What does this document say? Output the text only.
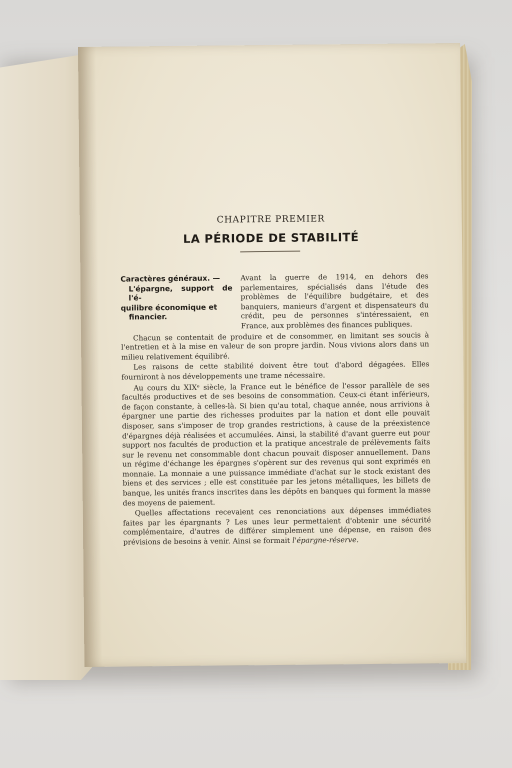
CHAPITRE PREMIER
LA PÉRIODE DE STABILITÉ
Caractères généraux. —
L'épargne, support de l'é-
quilibre économique et
financier.

Avant la guerre de 1914, en dehors des parlementaires, spécialisés dans l'étude des problèmes de l'équilibre budgétaire, et des banquiers, manieurs d'argent et dispensateurs du crédit, peu de personnes s'intéressaient, en France, aux problèmes des finances publiques.

Chacun se contentait de produire et de consommer, en limitant ses soucis à l'entretien et à la mise en valeur de son propre jardin. Nous vivions alors dans un milieu relativement équilibré.

Les raisons de cette stabilité doivent être tout d'abord dégagées. Elles fourniront à nos développements une trame nécessaire.

Au cours du XIXᵉ siècle, la France eut le bénéfice de l'essor parallèle de ses facultés productives et de ses besoins de consommation. Ceux-ci étant inférieurs, de façon constante, à celles-là. Si bien qu'au total, chaque année, nous arrivions à épargner une partie des richesses produites par la nation et dont elle pouvait disposer, sans s'imposer de trop grandes restrictions, à cause de la préexistence d'épargnes déjà réalisées et accumulées. Ainsi, la stabilité d'avant guerre eut pour support nos facultés de production et la pratique ancestrale de prélèvements faits sur le revenu net consommable dont chacun pouvait disposer annuellement. Dans un régime d'échange les épargnes s'opèrent sur des revenus qui sont exprimés en monnaie. La monnaie a une puissance immédiate d'achat sur le stock existant des biens et des services ; elle est constituée par les jetons métalliques, les billets de banque, les unités francs inscrites dans les dépôts en banques qui forment la masse des moyens de paiement.

Quelles affectations recevaient ces renonciations aux dépenses immédiates faites par les épargnants ? Les unes leur permettaient d'obtenir une sécurité complémentaire, d'autres de différer simplement une dépense, en raison des prévisions de besoins à venir. Ainsi se formait l'épargne-réserve.
